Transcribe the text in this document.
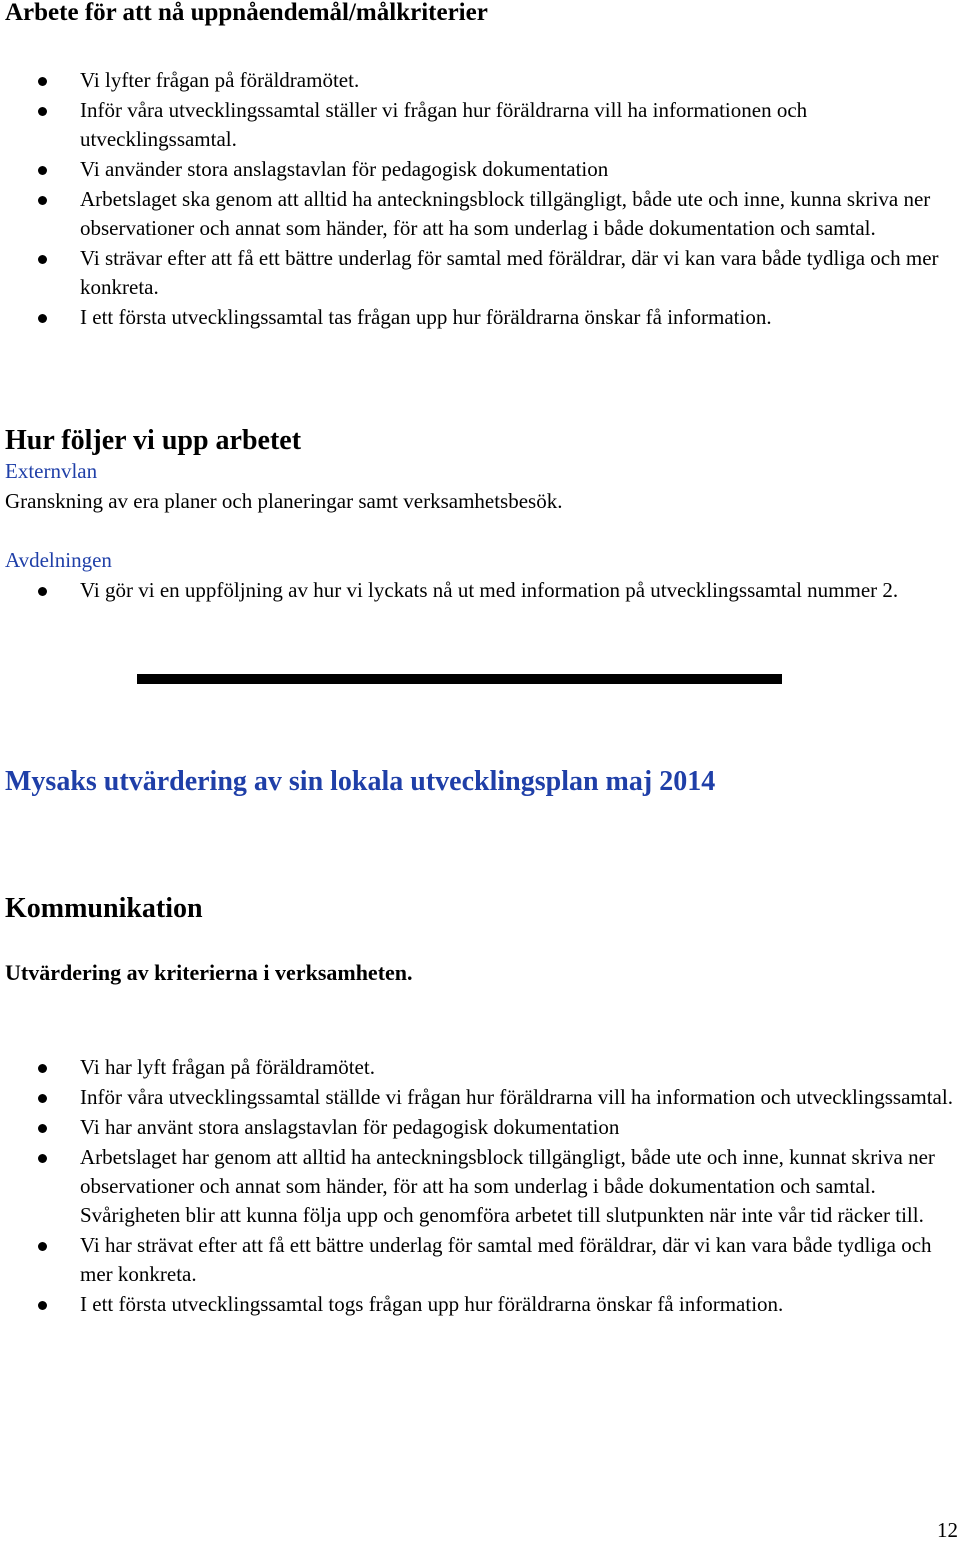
Arbete för att nå uppnåendemål/målkriterier
Vi lyfter frågan på föräldramötet.
Inför våra utvecklingssamtal ställer vi frågan hur föräldrarna vill ha informationen och utvecklingssamtal.
Vi använder stora anslagstavlan för pedagogisk dokumentation
Arbetslaget ska genom att alltid ha anteckningsblock tillgängligt, både ute och inne, kunna skriva ner observationer och annat som händer, för att ha som underlag i både dokumentation och samtal.
Vi strävar efter att få ett bättre underlag för samtal med föräldrar, där vi kan vara både tydliga och mer konkreta.
I ett första utvecklingssamtal tas frågan upp hur föräldrarna önskar få information.
Hur följer vi upp arbetet
Externvlan
Granskning av era planer och planeringar samt verksamhetsbesök.
Avdelningen
Vi gör vi en uppföljning av hur vi lyckats nå ut med information på utvecklingssamtal nummer 2.
Mysaks utvärdering av sin lokala utvecklingsplan maj 2014
Kommunikation
Utvärdering av kriterierna i verksamheten.
Vi har lyft frågan på föräldramötet.
Inför våra utvecklingssamtal ställde vi frågan hur föräldrarna vill ha information och utvecklingssamtal.
Vi har använt stora anslagstavlan för pedagogisk dokumentation
Arbetslaget har genom att alltid ha anteckningsblock tillgängligt, både ute och inne, kunnat skriva ner observationer och annat som händer, för att ha som underlag i både dokumentation och samtal. Svårigheten blir att kunna följa upp och genomföra arbetet till slutpunkten när inte vår tid räcker till.
Vi har strävat efter att få ett bättre underlag för samtal med föräldrar, där vi kan vara både tydliga och mer konkreta.
I ett första utvecklingssamtal togs frågan upp hur föräldrarna önskar få information.
12
